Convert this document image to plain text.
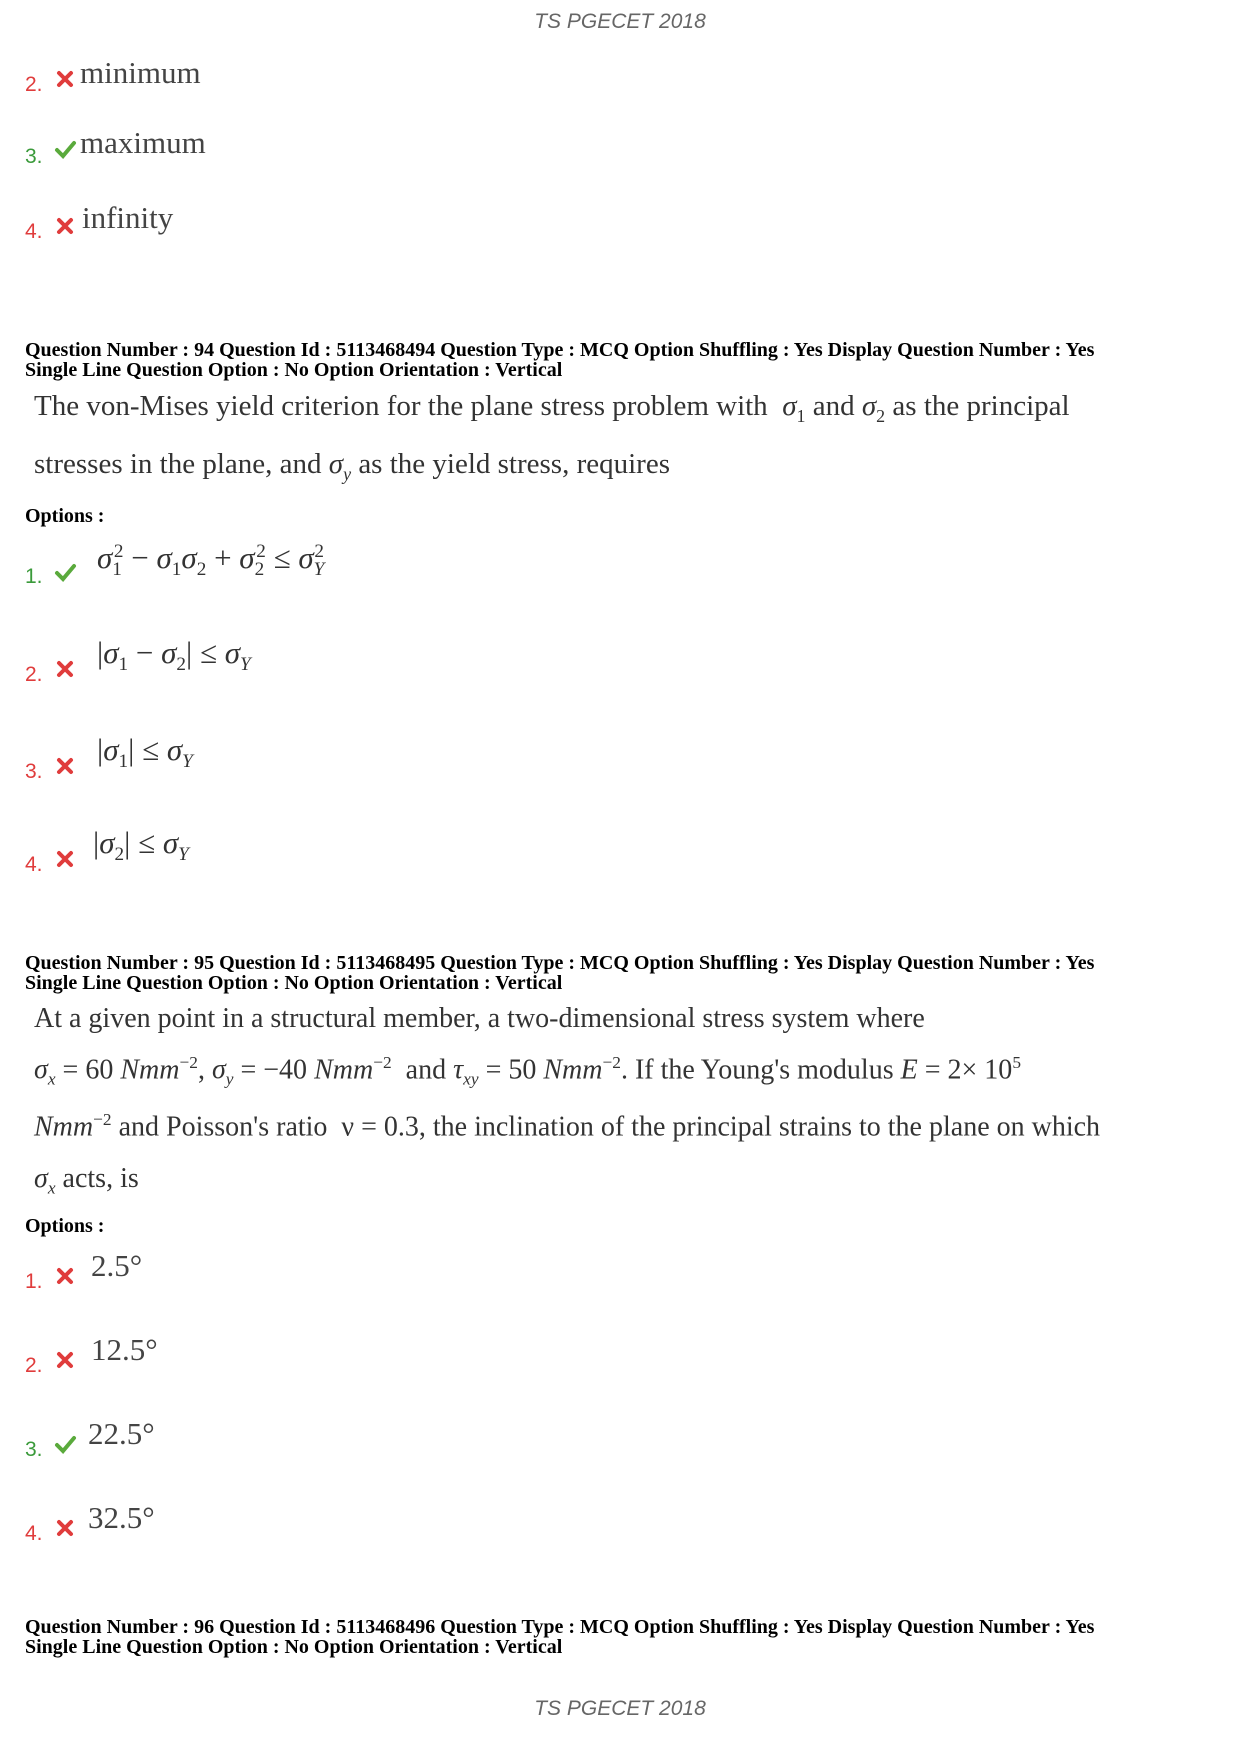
TS PGECET 2018
2. minimum
3. maximum
4. infinity
Question Number : 94 Question Id : 5113468494 Question Type : MCQ Option Shuffling : Yes Display Question Number : Yes
Single Line Question Option : No Option Orientation : Vertical
The von-Mises yield criterion for the plane stress problem with  $\sigma_1$ and $\sigma_2$ as the principal
stresses in the plane, and $\sigma_y$ as the yield stress, requires
Options :
1.
$\sigma_1^2 - \sigma_1\sigma_2 + \sigma_2^2 \le \sigma_Y^2$
2.
$|\sigma_1 - \sigma_2| \le \sigma_Y$
3.
$|\sigma_1| \le \sigma_Y$
4.
$|\sigma_2| \le \sigma_Y$
Question Number : 95 Question Id : 5113468495 Question Type : MCQ Option Shuffling : Yes Display Question Number : Yes
Single Line Question Option : No Option Orientation : Vertical
At a given point in a structural member, a two-dimensional stress system where
$\sigma_x = 60$ Nmm$^{-2}$, $\sigma_y = -40$ Nmm$^{-2}$  and $\tau_{xy} = 50$ Nmm$^{-2}$. If the Young's modulus $E = 2\times 10^5$
Nmm$^{-2}$ and Poisson's ratio  ν = 0.3, the inclination of the principal strains to the plane on which
$\sigma_x$ acts, is
Options :
1. 2.5°
2. 12.5°
3. 22.5°
4. 32.5°
Question Number : 96 Question Id : 5113468496 Question Type : MCQ Option Shuffling : Yes Display Question Number : Yes
Single Line Question Option : No Option Orientation : Vertical
TS PGECET 2018
